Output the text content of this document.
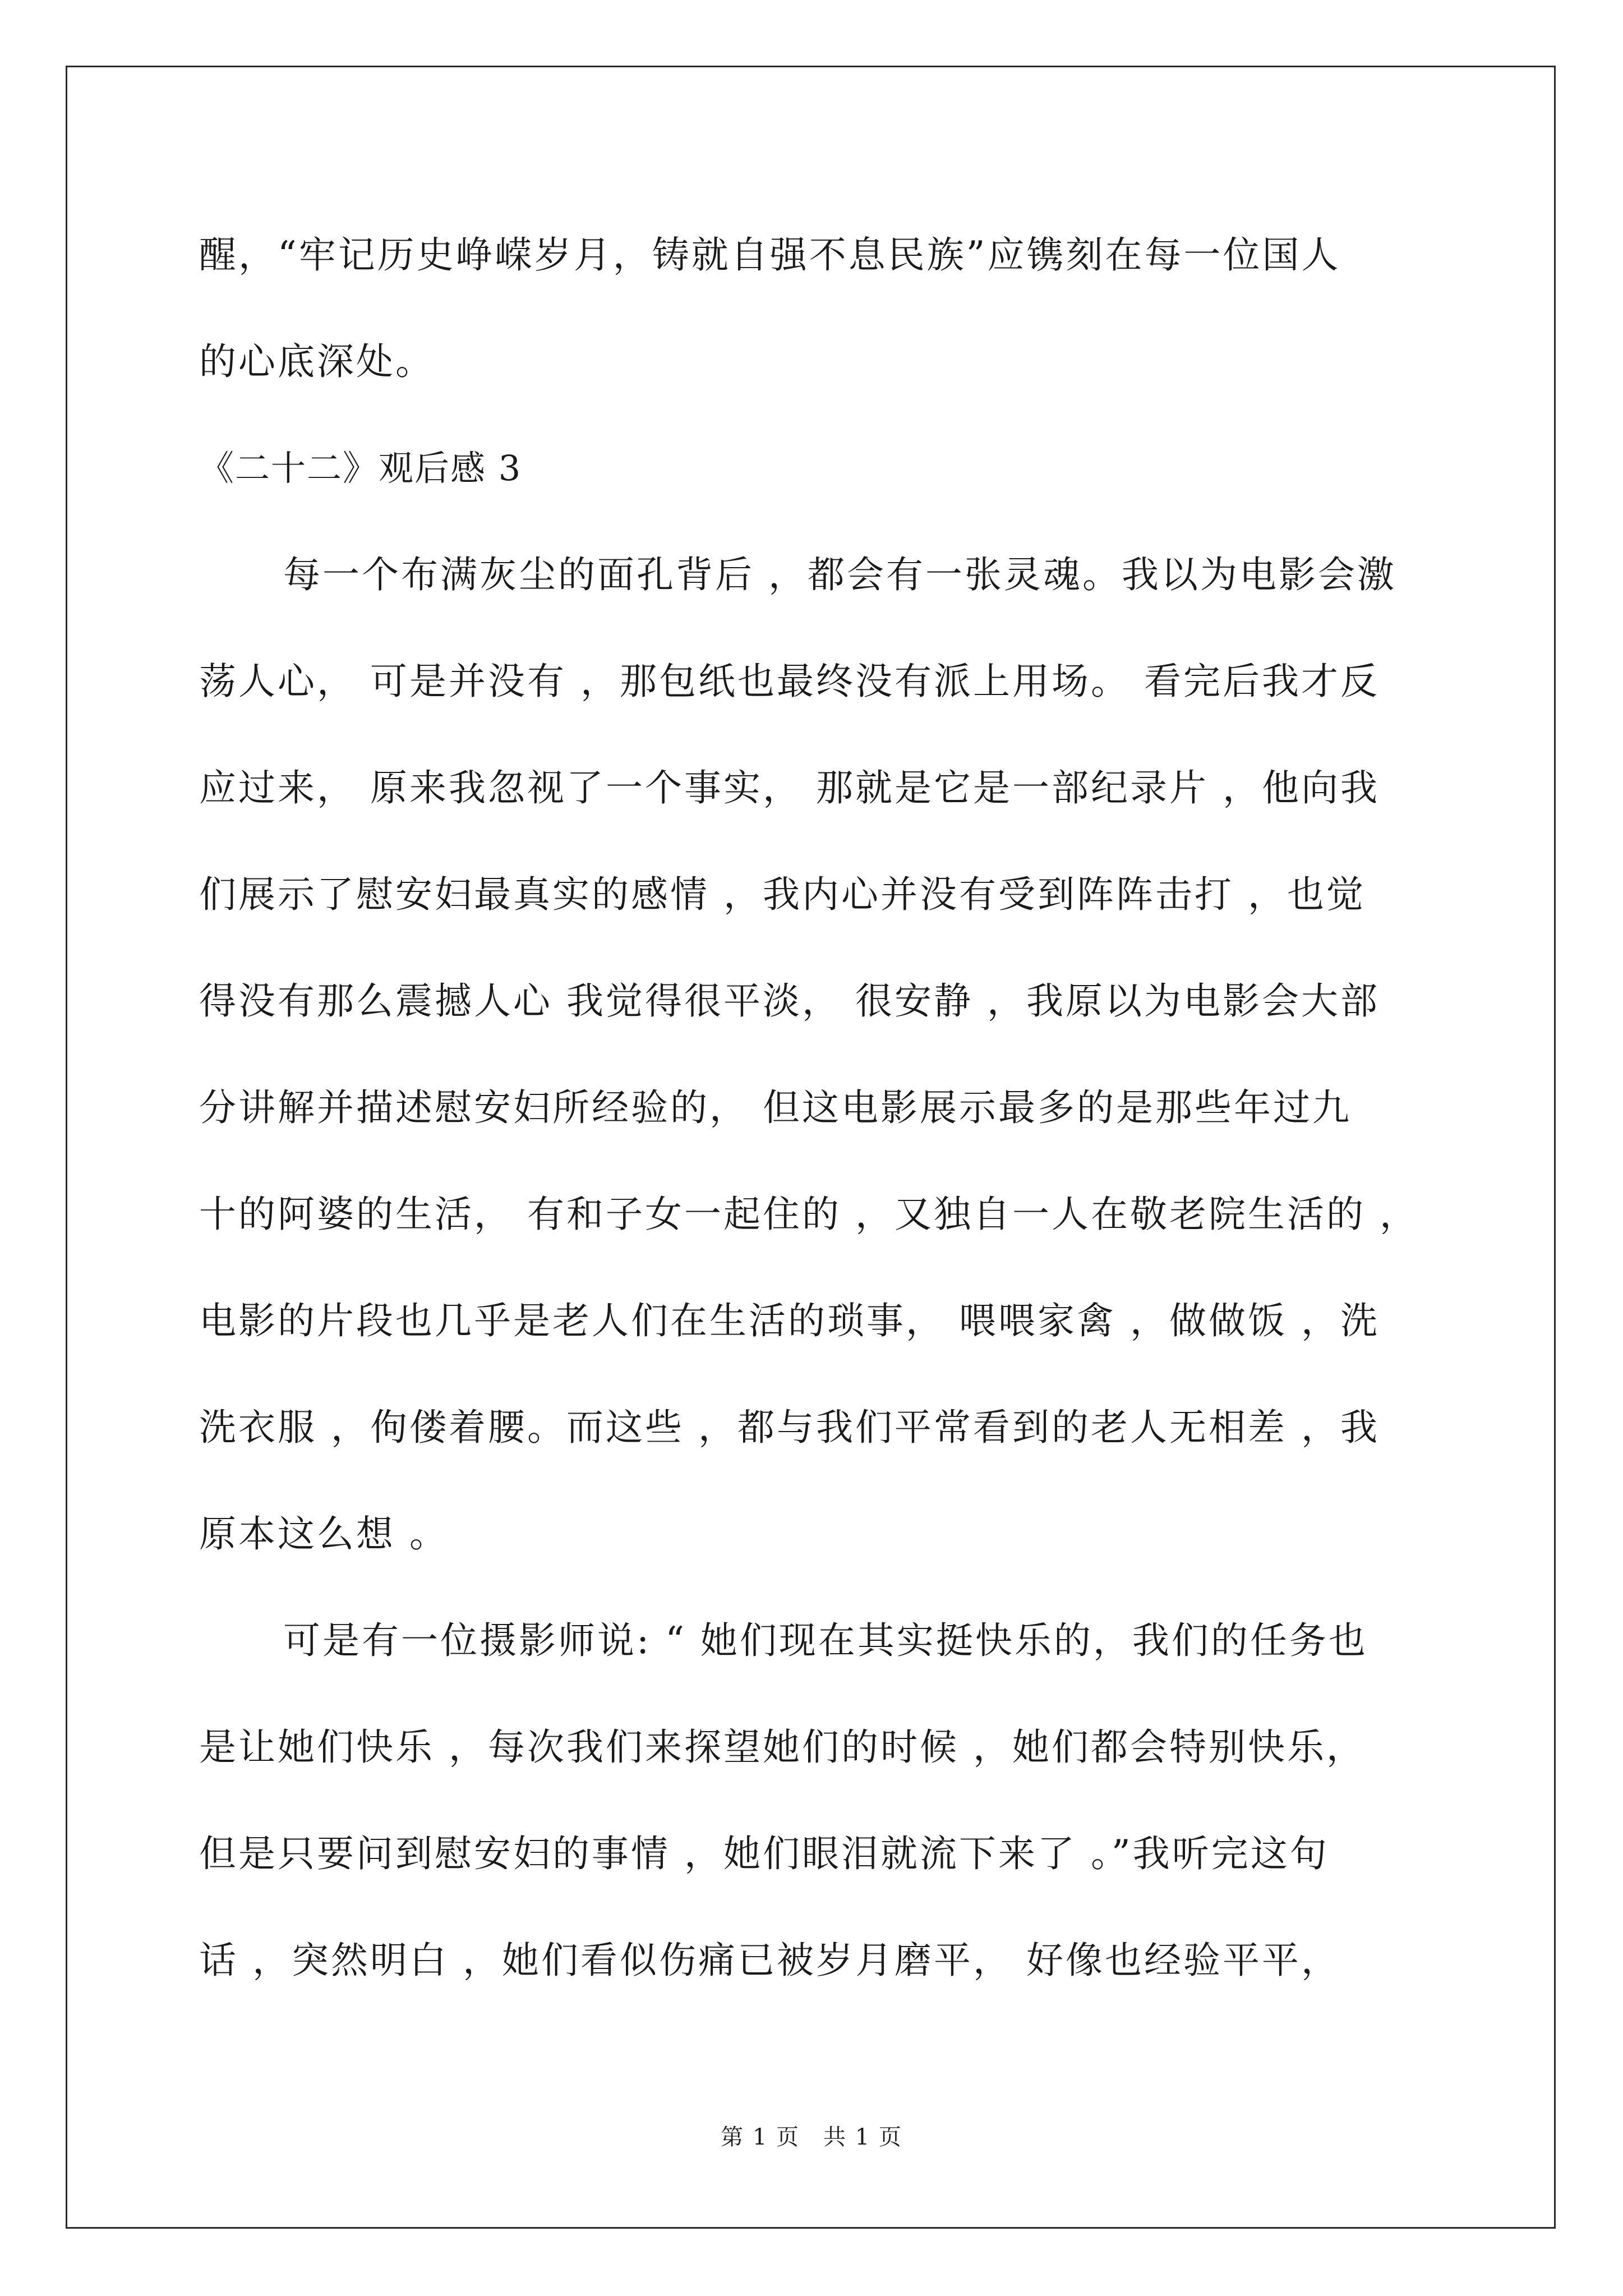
醒，“牢记历史峥嵘岁月，铸就自强不息民族”应镌刻在每一位国人
的心底深处。
《二十二》观后感 3
每一个布满灰尘的面孔背后 ，都会有一张灵魂。我以为电影会激
荡人心， 可是并没有 ，那包纸也最终没有派上用场。 看完后我才反
应过来， 原来我忽视了一个事实， 那就是它是一部纪录片 ，他向我
们展示了慰安妇最真实的感情 ，我内心并没有受到阵阵击打 ，也觉
得没有那么震撼人心 我觉得很平淡， 很安静 ，我原以为电影会大部
分讲解并描述慰安妇所经验的， 但这电影展示最多的是那些年过九
十的阿婆的生活， 有和子女一起住的 ，又独自一人在敬老院生活的 ，
电影的片段也几乎是老人们在生活的琐事， 喂喂家禽 ，做做饭 ，洗
洗衣服 ，佝偻着腰。而这些 ，都与我们平常看到的老人无相差 ，我
原本这么想 。
可是有一位摄影师说: “ 她们现在其实挺快乐的，我们的任务也
是让她们快乐 ，每次我们来探望她们的时候 ，她们都会特别快乐，
但是只要问到慰安妇的事情 ，她们眼泪就流下来了 。”我听完这句
话 ，突然明白 ，她们看似伤痛已被岁月磨平， 好像也经验平平，
第 1 页　共 1 页
